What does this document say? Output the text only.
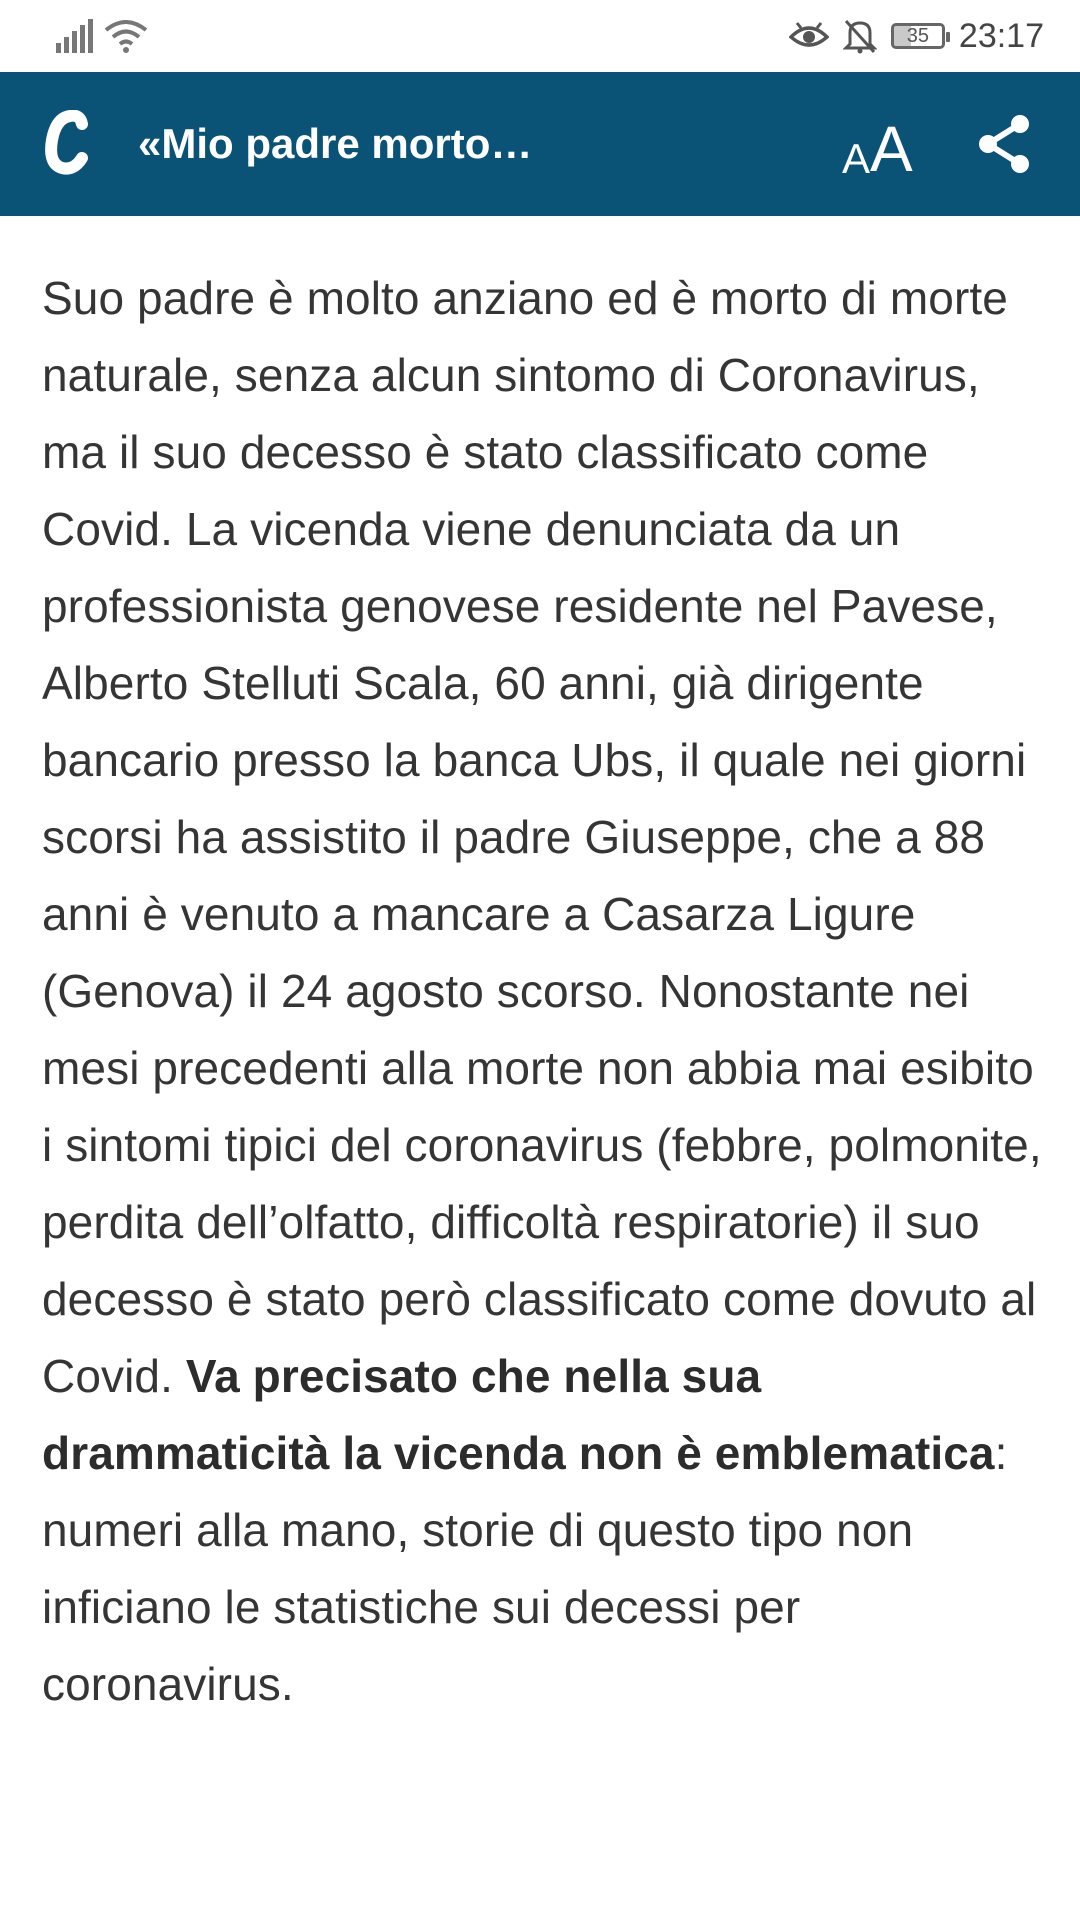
35 23:17
«Mio padre morto…	A A

Suo padre è molto anziano ed è morto di morte naturale, senza alcun sintomo di Coronavirus, ma il suo decesso è stato classificato come Covid. La vicenda viene denunciata da un professionista genovese residente nel Pavese, Alberto Stelluti Scala, 60 anni, già dirigente bancario presso la banca Ubs, il quale nei giorni scorsi ha assistito il padre Giuseppe, che a 88 anni è venuto a mancare a Casarza Ligure (Genova) il 24 agosto scorso. Nonostante nei mesi precedenti alla morte non abbia mai esibito i sintomi tipici del coronavirus (febbre, polmonite, perdita dell’olfatto, difficoltà respiratorie) il suo decesso è stato però classificato come dovuto al Covid. Va precisato che nella sua drammaticità la vicenda non è emblematica: numeri alla mano, storie di questo tipo non inficiano le statistiche sui decessi per coronavirus.
